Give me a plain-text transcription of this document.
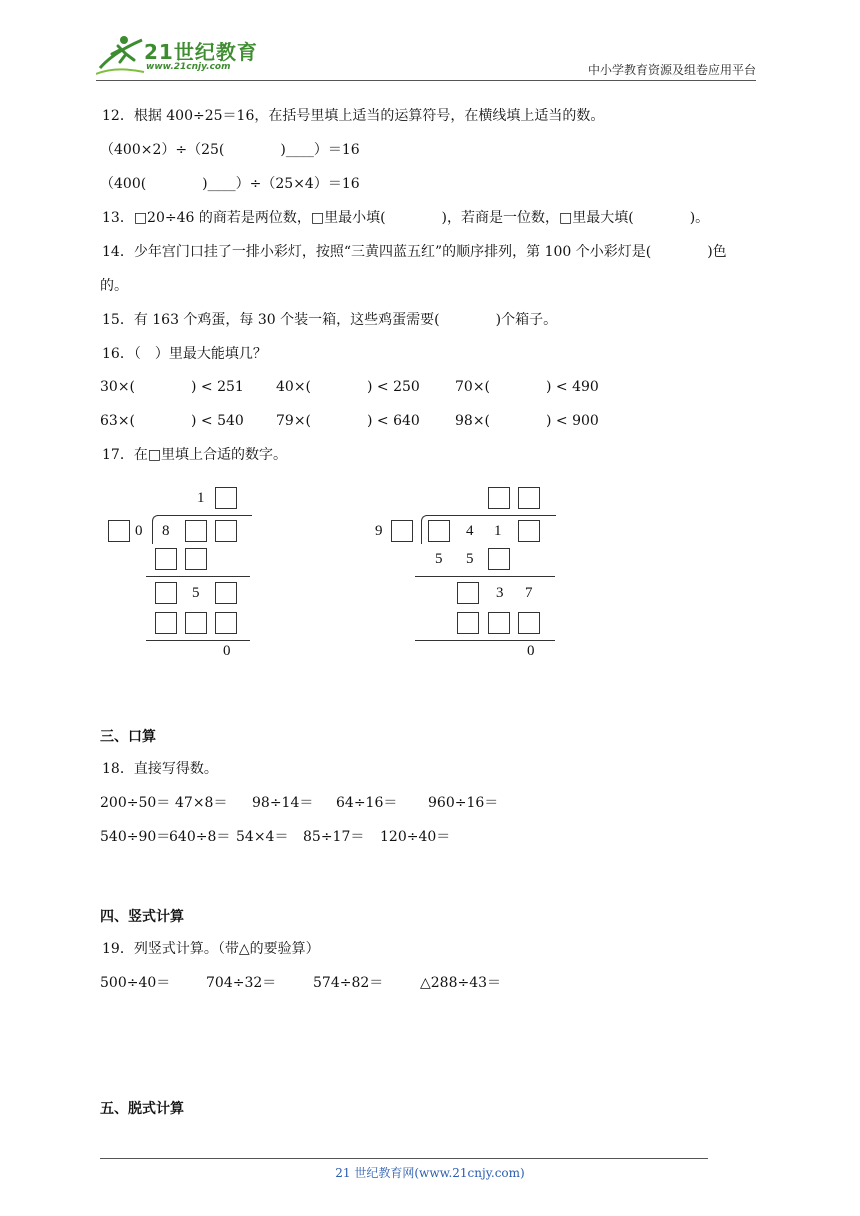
21世纪教育
www.21cnjy.com	中小学教育资源及组卷应用平台
12．根据 400÷25＝16，在括号里填上适当的运算符号，在横线填上适当的数。
（400×2）÷（25(　　　　)____）＝16
（400(　　　　)____）÷（25×4）＝16
13．□20÷46 的商若是两位数，□里最小填(　　　　)，若商是一位数，□里最大填(　　　　)。
14．少年宫门口挂了一排小彩灯，按照“三黄四蓝五红”的顺序排列，第 100 个小彩灯是(　　　　)色
的。
15．有 163 个鸡蛋，每 30 个装一箱，这些鸡蛋需要(　　　　)个箱子。
16．（　）里最大能填几？
30×(　　　　) < 251 40×(　　　　) < 250	70×(　　　　) < 490
63×(　　　　) < 540 79×(　　　　) < 640	98×(　　　　) < 900
17．在□里填上合适的数字。
1
0 8
5
0
9	4 1
5 5
3 7
0
三、口算
18．直接写得数。
200÷50＝ 47×8＝ 98÷14＝ 64÷16＝ 960÷16＝
540÷90＝
640÷8＝ 54×4＝ 85÷17＝ 120÷40＝
四、竖式计算
19．列竖式计算。（带△的要验算）
500÷40＝	704÷32＝	574÷82＝	△288÷43＝
五、脱式计算
21 世纪教育网(www.21cnjy.com)
